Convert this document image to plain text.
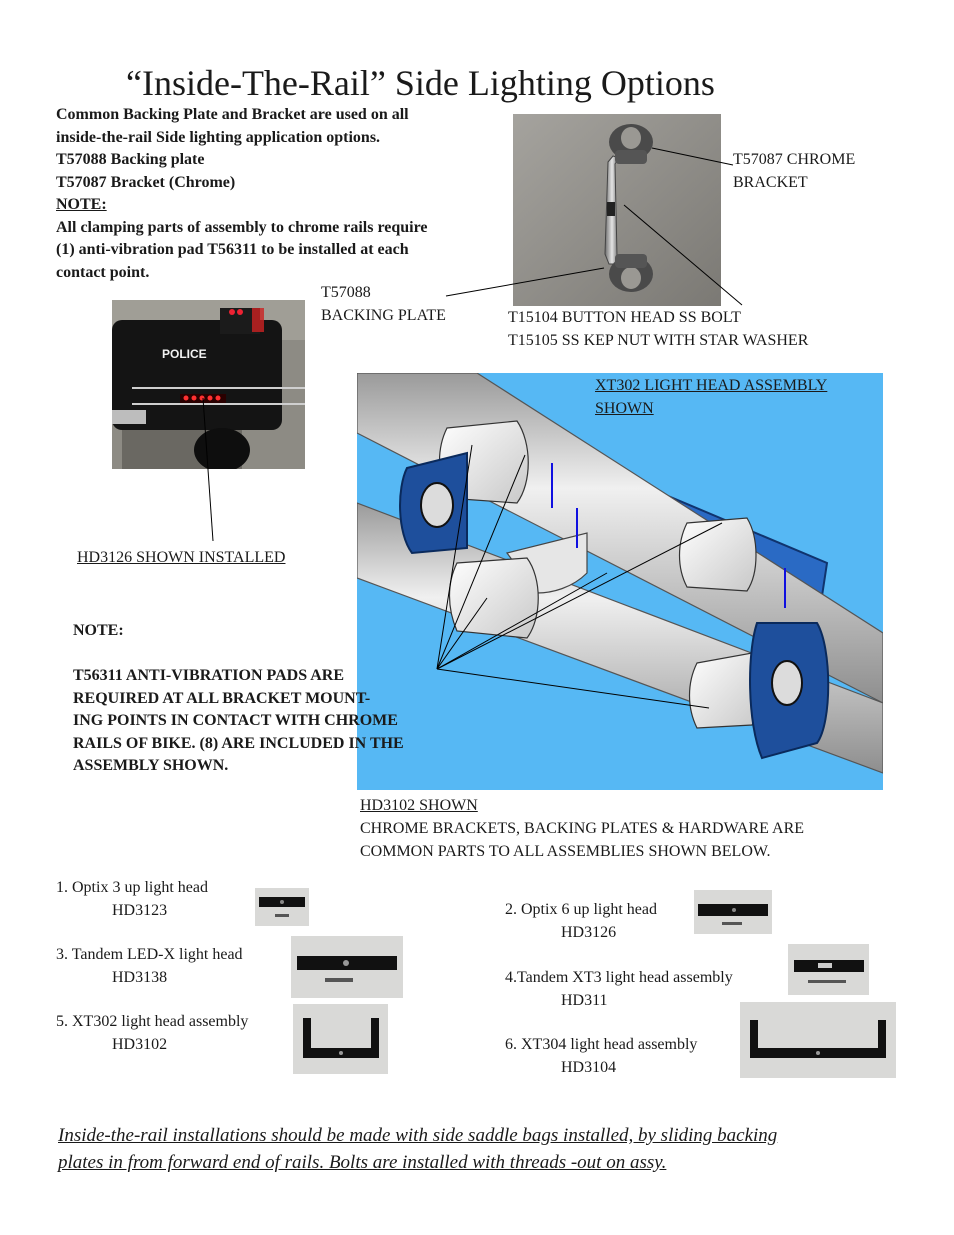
“Inside-The-Rail” Side Lighting Options
Common Backing Plate and Bracket are used on all
inside-the-rail Side lighting application options.
T57088 Backing plate
T57087 Bracket (Chrome)
NOTE:
All clamping parts of assembly to chrome rails require
(1) anti-vibration pad T56311 to be installed at each
contact point.
T57087 CHROME
BRACKET
T57088
BACKING PLATE	T15104 BUTTON HEAD SS BOLT
T15105 SS KEP NUT WITH STAR WASHER
POLICE
HD3126 SHOWN INSTALLED
XT302 LIGHT HEAD ASSEMBLY
SHOWN
NOTE:
T56311 ANTI-VIBRATION PADS ARE
REQUIRED AT ALL BRACKET MOUNT-
ING POINTS IN CONTACT WITH CHROME
RAILS OF BIKE. (8) ARE INCLUDED IN THE
ASSEMBLY SHOWN.
HD3102 SHOWN
CHROME BRACKETS, BACKING PLATES & HARDWARE ARE
COMMON PARTS TO ALL ASSEMBLIES SHOWN BELOW.
1. Optix 3 up light head
HD3123	2. Optix 6 up light head
HD3126
3. Tandem LED-X light head
HD3138	4.Tandem XT3 light head assembly
HD311
5. XT302 light head assembly
HD3102	6. XT304 light head assembly
HD3104
Inside-the-rail installations should be made with side saddle bags installed, by sliding backing
plates in from forward end of rails. Bolts are installed with threads -out on assy.
